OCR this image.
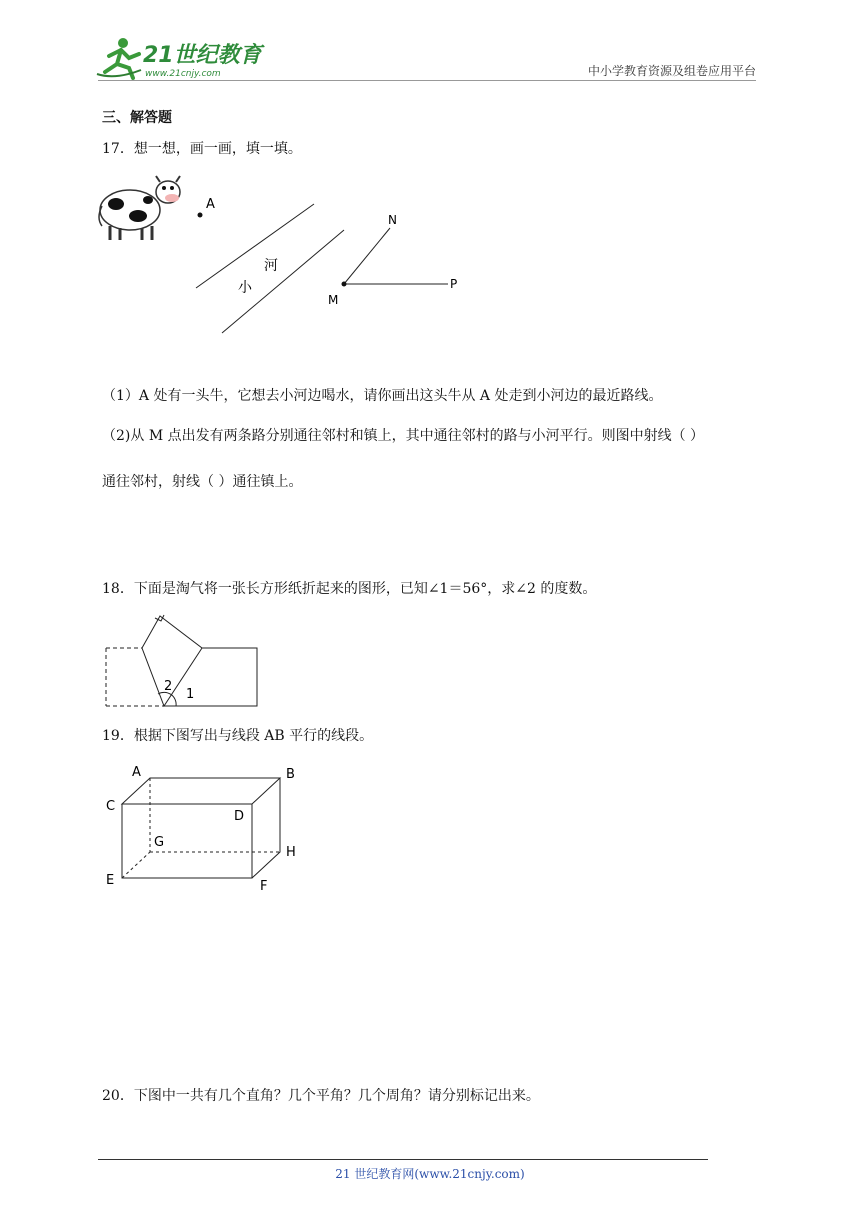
21世纪教育
www.21cnjy.com	中小学教育资源及组卷应用平台
三、解答题
17．想一想，画一画，填一填。
A
河
小
M
N
P
（1）A 处有一头牛，它想去小河边喝水，请你画出这头牛从 A 处走到小河边的最近路线。
（2)从 M 点出发有两条路分别通往邻村和镇上，其中通往邻村的路与小河平行。则图中射线（ ）
通往邻村，射线（ ）通往镇上。
18．下面是淘气将一张长方形纸折起来的图形，已知∠1＝56°，求∠2 的度数。
2
1
19．根据下图写出与线段 AB 平行的线段。
A	B
C
D
E	F
G
H
20．下图中一共有几个直角？几个平角？几个周角？请分别标记出来。
21 世纪教育网(www.21cnjy.com)
